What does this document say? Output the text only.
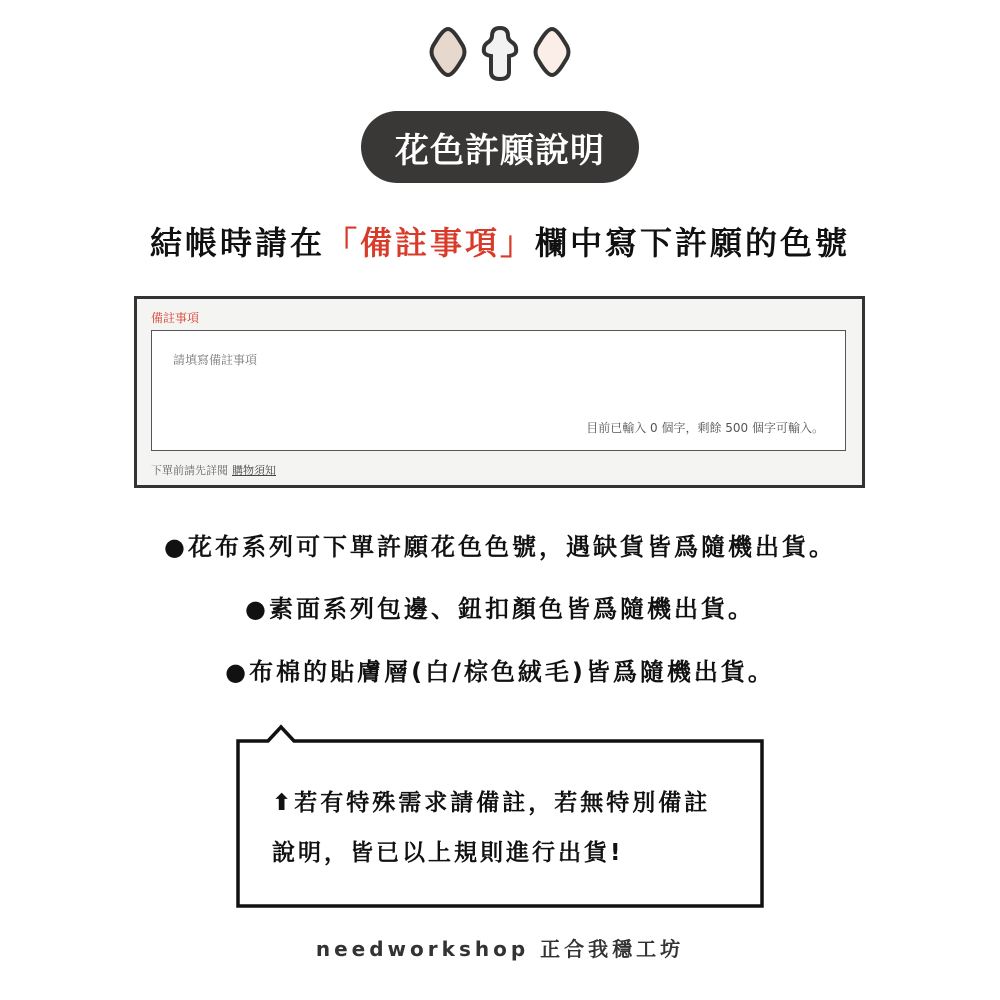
花色許願說明
結帳時請在「備註事項」欄中寫下許願的色號
備註事項
請填寫備註事項
目前已輸入 0 個字，剩餘 500 個字可輸入。
下單前請先詳閱 購物須知
●花布系列可下單許願花色色號，遇缺貨皆爲隨機出貨。
●素面系列包邊、鈕扣顏色皆爲隨機出貨。
●布棉的貼膚層(白/棕色絨毛)皆爲隨機出貨。
⬆若有特殊需求請備註，若無特別備註
說明，皆已以上規則進行出貨!
needworkshop 正合我穩工坊
